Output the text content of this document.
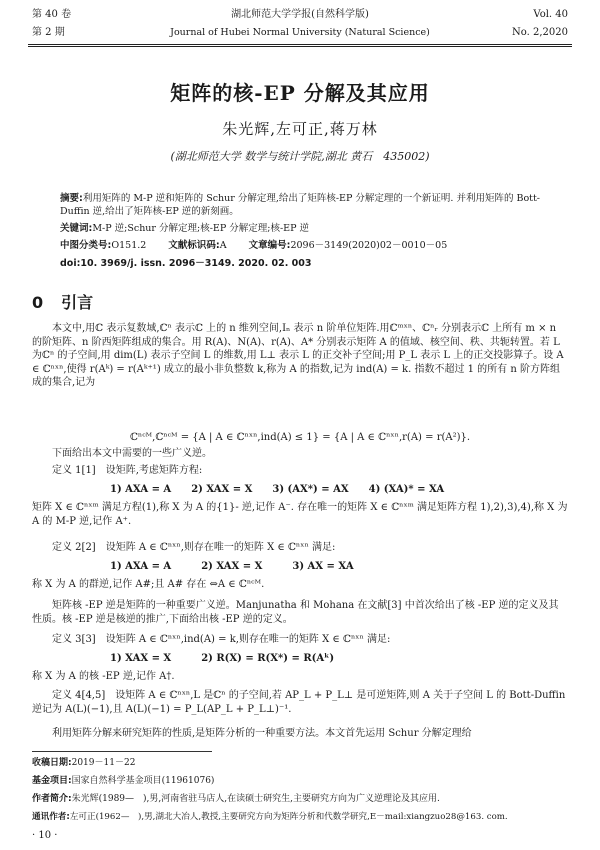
第 40 卷
第 2 期
湖北师范大学学报(自然科学版)
Journal of Hubei Normal University (Natural Science)
Vol. 40
No. 2,2020
矩阵的核-EP 分解及其应用
朱光辉,左可正,蒋万林
(湖北师范大学 数学与统计学院,湖北 黄石　435002)
摘要:利用矩阵的 M-P 逆和矩阵的 Schur 分解定理,给出了矩阵核-EP 分解定理的一个新证明. 并利用矩阵的 Bott-Duffin 逆,给出了矩阵核-EP 逆的新刻画。
关键词:M-P 逆;Schur 分解定理;核-EP 分解定理;核-EP 逆
中图分类号:O151.2 文献标识码:A 文章编号:2096－3149(2020)02－0010－05
doi:10. 3969/j. issn. 2096－3149. 2020. 02. 003
0 引言
本文中,用ℂ 表示复数域,ℂⁿ 表示ℂ 上的 n 维列空间,Iₙ 表示 n 阶单位矩阵.用ℂᵐˣⁿ、ℂⁿᵣ 分别表示ℂ 上所有 m × n 的阶矩阵、n 阶西矩阵组成的集合。用 R(A)、N(A)、r(A)、A* 分别表示矩阵 A 的值域、核空间、秩、共轭转置。若 L 为ℂⁿ 的子空间,用 dim(L) 表示子空间 L 的维数,用 L⊥ 表示 L 的正交补子空间;用 P_L 表示 L 上的正交投影算子。设 A ∈ ℂⁿˣⁿ,使得 r(Aᵏ) = r(Aᵏ⁺¹) 成立的最小非负整数 k,称为 A 的指数,记为 ind(A) = k. 指数不超过 1 的所有 n 阶方阵组成的集合,记为
ℂⁿᶜᴹ,ℂⁿᶜᴹ = {A | A ∈ ℂⁿˣⁿ,ind(A) ≤ 1} = {A | A ∈ ℂⁿˣⁿ,r(A) = r(A²)}.
下面给出本文中需要的一些广义逆。
定义 1[1]　设矩阵,考虑矩阵方程:
1) AXA = A　　2) XAX = X　　3) (AX*) = AX　　4) (XA)* = XA
矩阵 X ∈ ℂⁿˣᵐ 满足方程(1),称 X 为 A 的{1}- 逆,记作 A⁻. 存在唯一的矩阵 X ∈ ℂⁿˣᵐ 满足矩阵方程 1),2),3),4),称 X 为 A 的 M-P 逆,记作 A⁺.
定义 2[2]　设矩阵 A ∈ ℂⁿˣⁿ,则存在唯一的矩阵 X ∈ ℂⁿˣⁿ 满足:
1) AXA = A　　　2) XAX = X　　　3) AX = XA
称 X 为 A 的群逆,记作 A#;且 A# 存在 ⇔A ∈ ℂⁿᶜᴹ.
矩阵核 -EP 逆是矩阵的一种重要广义逆。Manjunatha 和 Mohana 在文献[3] 中首次给出了核 -EP 逆的定义及其性质。核 -EP 逆是核逆的推广,下面给出核 -EP 逆的定义。
定义 3[3]　设矩阵 A ∈ ℂⁿˣⁿ,ind(A) = k,则存在唯一的矩阵 X ∈ ℂⁿˣⁿ 满足:
1) XAX = X　　　2) R(X) = R(X*) = R(Aᵏ)
称 X 为 A 的核 -EP 逆,记作 A†.
定义 4[4,5]　设矩阵 A ∈ ℂⁿˣⁿ,L 是ℂⁿ 的子空间,若 AP_L + P_L⊥ 是可逆矩阵,则 A 关于子空间 L 的 Bott-Duffin 逆记为 A(L)(−1),且 A(L)(−1) = P_L(AP_L + P_L⊥)⁻¹.
利用矩阵分解来研究矩阵的性质,是矩阵分析的一种重要方法。本文首先运用 Schur 分解定理给
收稿日期:2019－11－22
基金项目:国家自然科学基金项目(11961076)
作者简介:朱光辉(1989—　),男,河南省驻马店人,在读硕士研究生,主要研究方向为广义逆理论及其应用.
通讯作者:左可正(1962—　),男,湖北大冶人,教授,主要研究方向为矩阵分析和代数学研究,E－mail:xiangzuo28@163. com.
· 10 ·
